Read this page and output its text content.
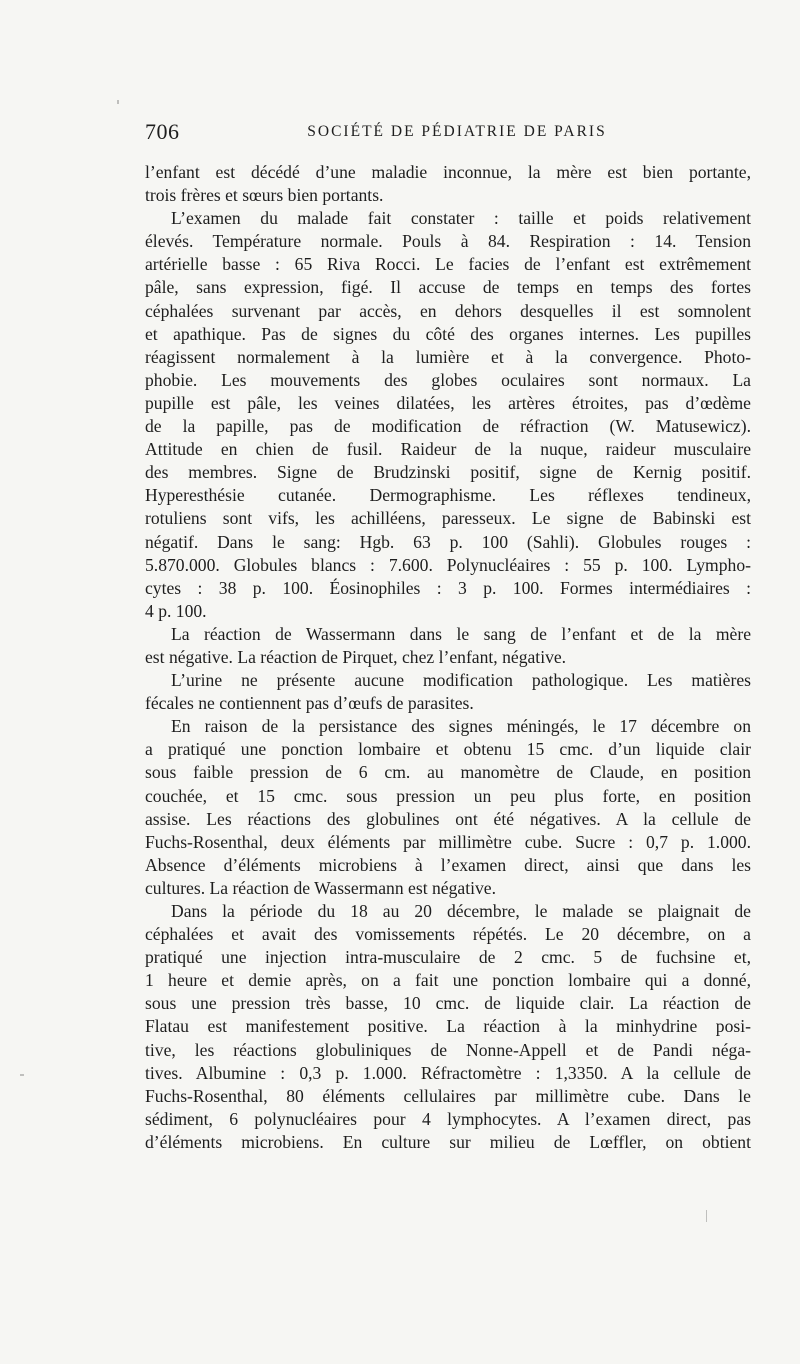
706	SOCIÉTÉ DE PÉDIATRIE DE PARIS
l’enfant est décédé d’une maladie inconnue, la mère est bien portante,
trois frères et sœurs bien portants.
L’examen du malade fait constater : taille et poids relativement
élevés. Température normale. Pouls à 84. Respiration : 14. Tension
artérielle basse : 65 Riva Rocci. Le facies de l’enfant est extrêmement
pâle, sans expression, figé. Il accuse de temps en temps des fortes
céphalées survenant par accès, en dehors desquelles il est somnolent
et apathique. Pas de signes du côté des organes internes. Les pupilles
réagissent normalement à la lumière et à la convergence. Photo-
phobie. Les mouvements des globes oculaires sont normaux. La
pupille est pâle, les veines dilatées, les artères étroites, pas d’œdème
de la papille, pas de modification de réfraction (W. Matusewicz).
Attitude en chien de fusil. Raideur de la nuque, raideur musculaire
des membres. Signe de Brudzinski positif, signe de Kernig positif.
Hyperesthésie cutanée. Dermographisme. Les réflexes tendineux,
rotuliens sont vifs, les achilléens, paresseux. Le signe de Babinski est
négatif. Dans le sang: Hgb. 63 p. 100 (Sahli). Globules rouges :
5.870.000. Globules blancs : 7.600. Polynucléaires : 55 p. 100. Lympho-
cytes : 38 p. 100. Éosinophiles : 3 p. 100. Formes intermédiaires :
4 p. 100.
La réaction de Wassermann dans le sang de l’enfant et de la mère
est négative. La réaction de Pirquet, chez l’enfant, négative.
L’urine ne présente aucune modification pathologique. Les matières
fécales ne contiennent pas d’œufs de parasites.
En raison de la persistance des signes méningés, le 17 décembre on
a pratiqué une ponction lombaire et obtenu 15 cmc. d’un liquide clair
sous faible pression de 6 cm. au manomètre de Claude, en position
couchée, et 15 cmc. sous pression un peu plus forte, en position
assise. Les réactions des globulines ont été négatives. A la cellule de
Fuchs-Rosenthal, deux éléments par millimètre cube. Sucre : 0,7 p. 1.000.
Absence d’éléments microbiens à l’examen direct, ainsi que dans les
cultures. La réaction de Wassermann est négative.
Dans la période du 18 au 20 décembre, le malade se plaignait de
céphalées et avait des vomissements répétés. Le 20 décembre, on a
pratiqué une injection intra-musculaire de 2 cmc. 5 de fuchsine et,
1 heure et demie après, on a fait une ponction lombaire qui a donné,
sous une pression très basse, 10 cmc. de liquide clair. La réaction de
Flatau est manifestement positive. La réaction à la minhydrine posi-
tive, les réactions globuliniques de Nonne-Appell et de Pandi néga-
tives. Albumine : 0,3 p. 1.000. Réfractomètre : 1,3350. A la cellule de
Fuchs-Rosenthal, 80 éléments cellulaires par millimètre cube. Dans le
sédiment, 6 polynucléaires pour 4 lymphocytes. A l’examen direct, pas
d’éléments microbiens. En culture sur milieu de Lœffler, on obtient
